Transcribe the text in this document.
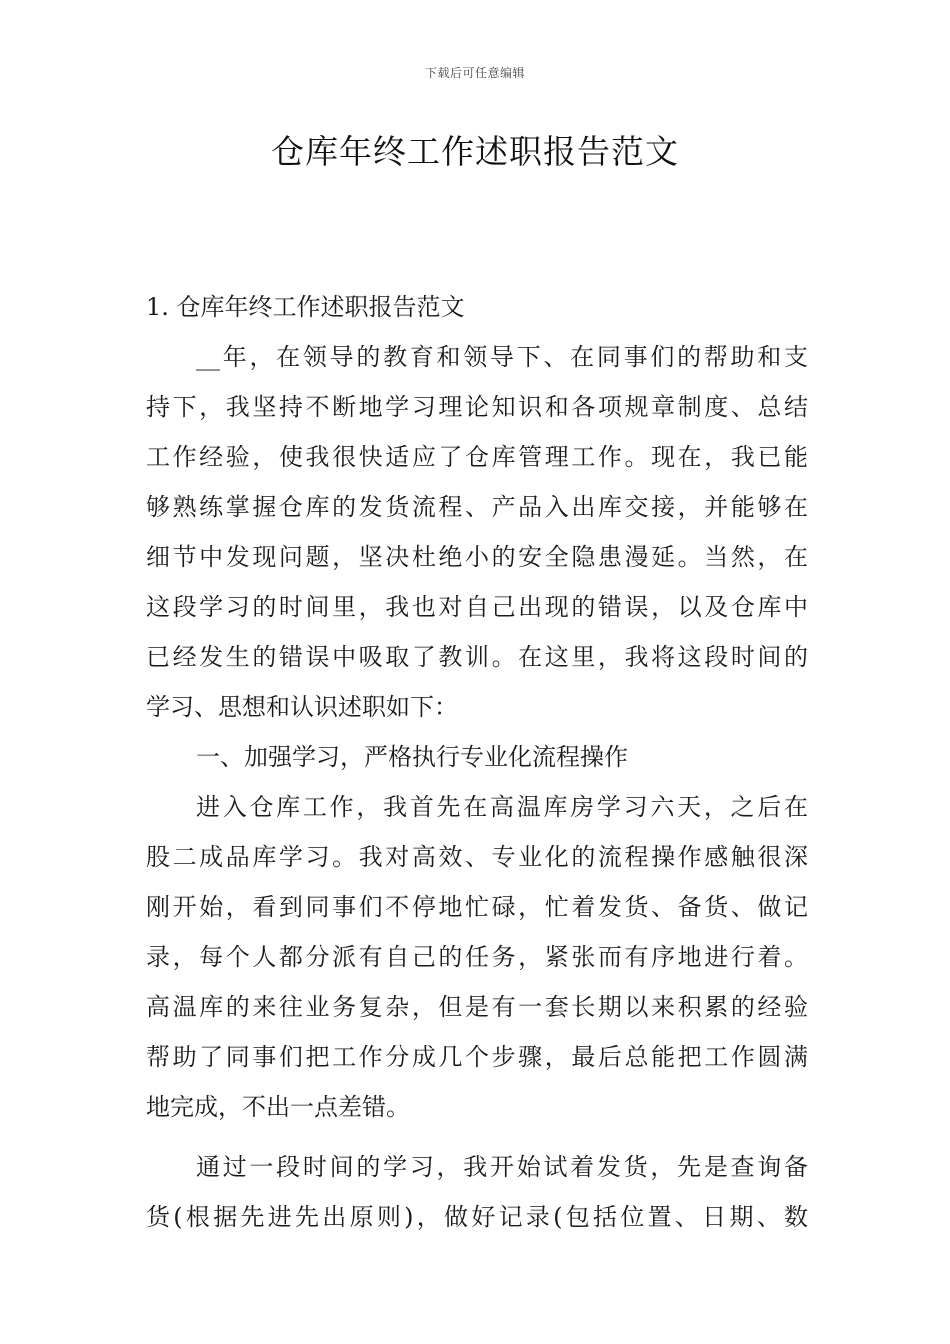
下载后可任意编辑
仓库年终工作述职报告范文

1. 仓库年终工作述职报告范文

__年，在领导的教育和领导下、在同事们的帮助和支

持下，我坚持不断地学习理论知识和各项规章制度、总结

工作经验，使我很快适应了仓库管理工作。现在，我已能

够熟练掌握仓库的发货流程、产品入出库交接，并能够在

细节中发现问题，坚决杜绝小的安全隐患漫延。当然，在

这段学习的时间里，我也对自己出现的错误，以及仓库中

已经发生的错误中吸取了教训。在这里，我将这段时间的

学习、思想和认识述职如下：

一、加强学习，严格执行专业化流程操作

进入仓库工作，我首先在高温库房学习六天，之后在

股二成品库学习。我对高效、专业化的流程操作感触很深

刚开始，看到同事们不停地忙碌，忙着发货、备货、做记

录，每个人都分派有自己的任务，紧张而有序地进行着。

高温库的来往业务复杂，但是有一套长期以来积累的经验

帮助了同事们把工作分成几个步骤，最后总能把工作圆满

地完成，不出一点差错。

通过一段时间的学习，我开始试着发货，先是查询备

货(根据先进先出原则)，做好记录(包括位置、日期、数
